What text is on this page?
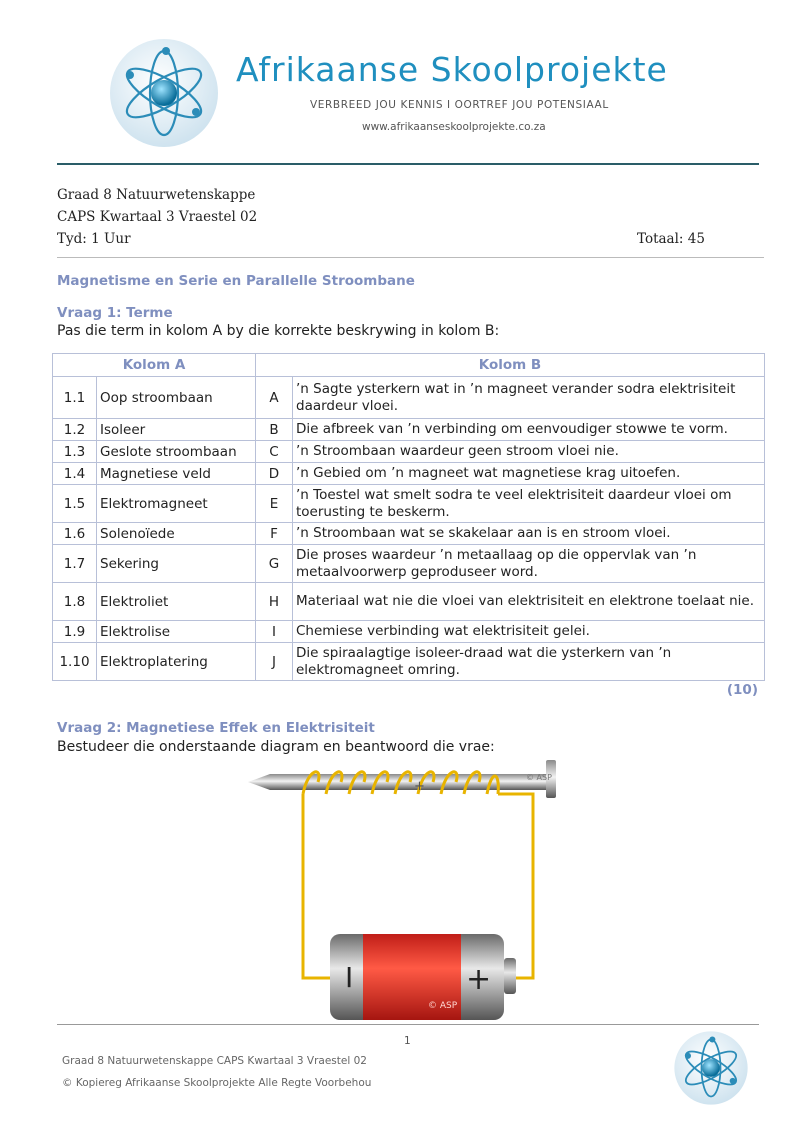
Afrikaanse Skoolprojekte
VERBREED JOU KENNIS I OORTREF JOU POTENSIAAL
www.afrikaanseskoolprojekte.co.za
Graad 8 Natuurwetenskappe
CAPS Kwartaal 3 Vraestel 02
Tyd: 1 Uur	Totaal: 45
Magnetisme en Serie en Parallelle Stroombane
Vraag 1: Terme
Pas die term in kolom A by die korrekte beskrywing in kolom B:
Kolom A		Kolom B	
1.1	Oop stroombaan	A	’n Sagte ysterkern wat in ’n magneet verander sodra elektrisiteit daardeur vloei.
1.2	Isoleer	B	Die afbreek van ’n verbinding om eenvoudiger stowwe te vorm.
1.3	Geslote stroombaan	C	’n Stroombaan waardeur geen stroom vloei nie.
1.4	Magnetiese veld	D	’n Gebied om ’n magneet wat magnetiese krag uitoefen.
1.5	Elektromagneet	E	’n Toestel wat smelt sodra te veel elektrisiteit daardeur vloei om toerusting te beskerm.
1.6	Solenoïede	F	’n Stroombaan wat se skakelaar aan is en stroom vloei.
1.7	Sekering	G	Die proses waardeur ’n metaallaag op die oppervlak van ’n metaalvoorwerp geproduseer word.
1.8	Elektroliet	H	Materiaal wat nie die vloei van elektrisiteit en elektrone toelaat nie.
1.9	Elektrolise	I	Chemiese verbinding wat elektrisiteit gelei.
1.10	Elektroplatering	J	Die spiraalagtige isoleer-draad wat die ysterkern van ’n elektromagneet omring.
(10)
Vraag 2: Magnetiese Effek en Elektrisiteit
Bestudeer die onderstaande diagram en beantwoord die vrae:
+
© ASP
I	+
© ASP
1
Graad 8 Natuurwetenskappe CAPS Kwartaal 3 Vraestel 02
© Kopiereg Afrikaanse Skoolprojekte Alle Regte Voorbehou
